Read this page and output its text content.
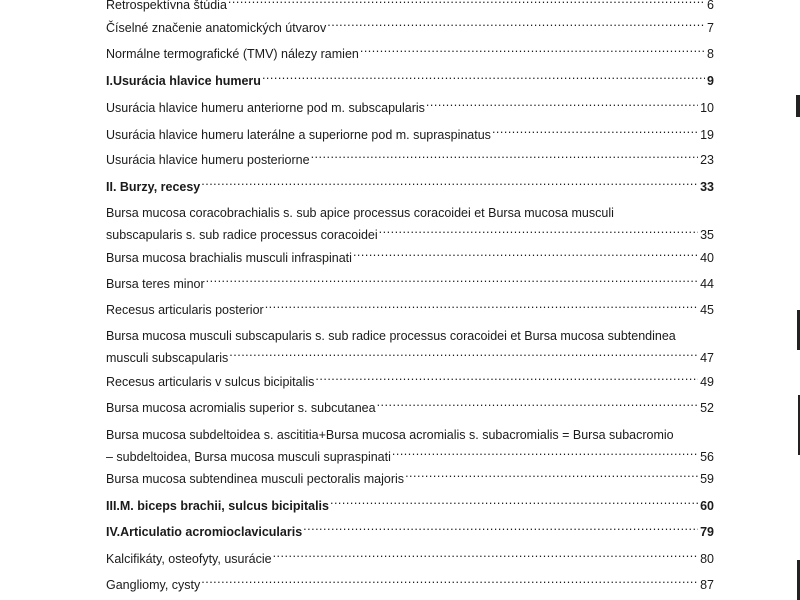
Retrospektívna štúdia .....	6
Číselné značenie anatomických útvarov .....	7
Normálne termografické (TMV) nálezy ramien .....	8
I.Usurácia hlavice humeru .....	9
Usurácia hlavice humeru anteriorne pod m. subscapularis .....	10
Usurácia hlavice humeru laterálne a superiorne pod m. supraspinatus .....	19
Usurácia hlavice humeru posteriorne .....	23
II. Burzy, recesy .....	33
Bursa mucosa coracobrachialis s. sub apice processus coracoidei et Bursa mucosa musculi
subscapularis s. sub radice processus coracoidei .....	35
Bursa mucosa brachialis musculi infraspinati .....	40
Bursa teres minor .....	44
Recesus articularis posterior .....	45
Bursa mucosa musculi subscapularis s. sub radice processus coracoidei et Bursa mucosa subtendinea
musculi subscapularis .....	47
Recesus articularis v sulcus bicipitalis .....	49
Bursa mucosa acromialis superior s. subcutanea .....	52
Bursa mucosa subdeltoidea s. ascititia+Bursa mucosa acromialis s. subacromialis = Bursa subacromio
– subdeltoidea, Bursa mucosa musculi supraspinati .....	56
Bursa mucosa subtendinea musculi pectoralis majoris .....	59
III.M. biceps brachii, sulcus bicipitalis .....	60
IV.Articulatio acromioclavicularis .....	79
Kalcifikáty, osteofyty, usurácie .....	80
Gangliomy, cysty .....	87
